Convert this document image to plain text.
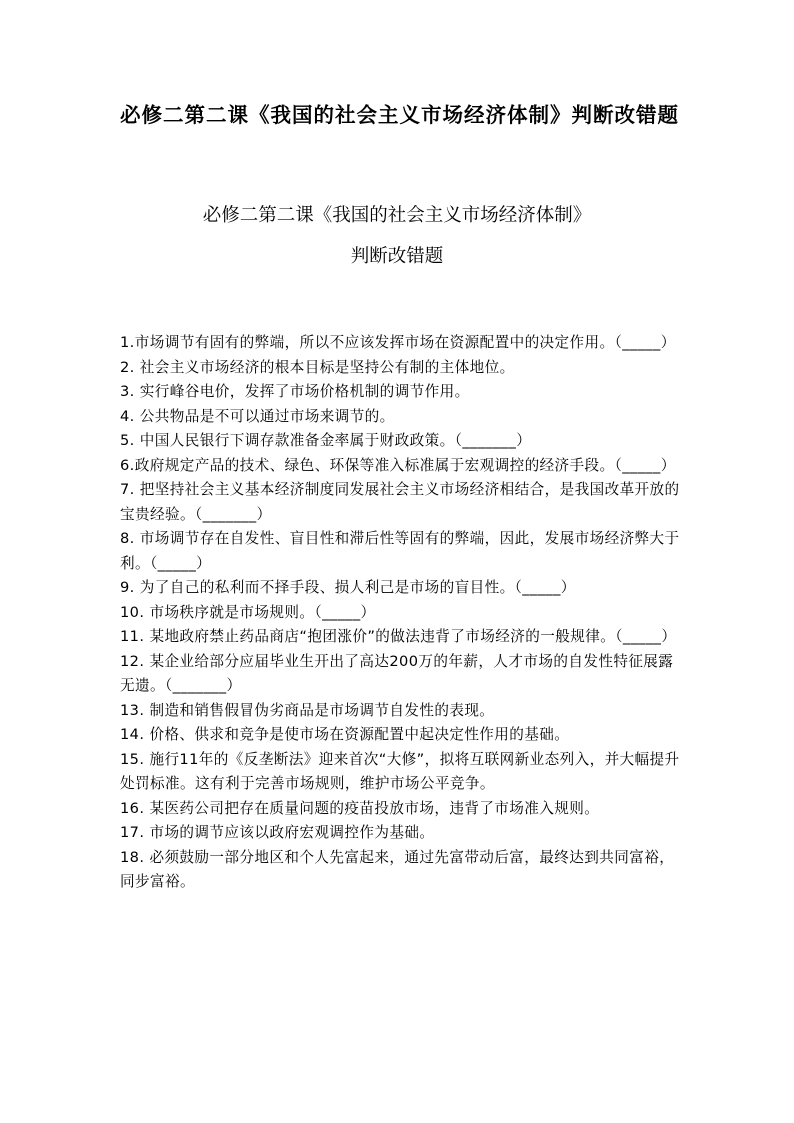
必修二第二课《我国的社会主义市场经济体制》判断改错题

必修二第二课《我国的社会主义市场经济体制》

判断改错题

1.市场调节有固有的弊端，所以不应该发挥市场在资源配置中的决定作用。（_____）
2. 社会主义市场经济的根本目标是坚持公有制的主体地位。
3. 实行峰谷电价，发挥了市场价格机制的调节作用。
4. 公共物品是不可以通过市场来调节的。
5. 中国人民银行下调存款准备金率属于财政政策。（_______）
6.政府规定产品的技术、绿色、环保等准入标准属于宏观调控的经济手段。（_____）
7. 把坚持社会主义基本经济制度同发展社会主义市场经济相结合，是我国改革开放的宝贵经验。（_______）
8. 市场调节存在自发性、盲目性和滞后性等固有的弊端，因此，发展市场经济弊大于利。（_____）
9. 为了自己的私利而不择手段、损人利己是市场的盲目性。（_____）
10. 市场秩序就是市场规则。（_____）
11. 某地政府禁止药品商店“抱团涨价”的做法违背了市场经济的一般规律。（_____）
12. 某企业给部分应届毕业生开出了高达200万的年薪，人才市场的自发性特征展露无遗。（_______）
13. 制造和销售假冒伪劣商品是市场调节自发性的表现。
14. 价格、供求和竞争是使市场在资源配置中起决定性作用的基础。
15. 施行11年的《反垄断法》迎来首次“大修”，拟将互联网新业态列入，并大幅提升处罚标准。这有利于完善市场规则，维护市场公平竞争。
16. 某医药公司把存在质量问题的疫苗投放市场，违背了市场准入规则。
17. 市场的调节应该以政府宏观调控作为基础。
18. 必须鼓励一部分地区和个人先富起来，通过先富带动后富，最终达到共同富裕，同步富裕。
